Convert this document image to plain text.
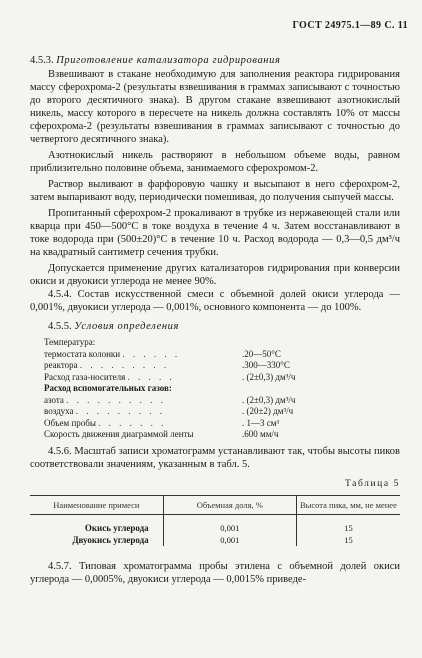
ГОСТ 24975.1—89 С. 11

4.5.3. Приготовление катализатора гидрирования

Взвешивают в стакане необходимую для заполнения реактора гидрирования массу сферохрома-2 (результаты взвешивания в граммах записывают с точностью до второго десятичного знака). В другом стакане взвешивают азотнокислый никель, массу которого в пересчете на никель должна составлять 10% от массы сферохрома-2 (результаты взвешивания в граммах записывают с точностью до четвертого десятичного знака).

Азотнокислый никель растворяют в небольшом объеме воды, равном приблизительно половине объема, занимаемого сферохромом-2.

Раствор выливают в фарфоровую чашку и высыпают в него сферохром-2, затем выпаривают воду, периодически помешивая, до получения сыпучей массы.

Пропитанный сферохром-2 прокаливают в трубке из нержавеющей стали или кварца при 450—500°С в токе воздуха в течение 4 ч. Затем восстанавливают в токе водорода при (500±20)°С в течение 10 ч. Расход водорода — 0,3—0,5 дм³/ч на квадратный сантиметр сечения трубки.

Допускается применение других катализаторов гидрирования при конверсии окиси и двуокиси углерода не менее 90%.

4.5.4. Состав искусственной смеси с объемной долей окиси углерода — 0,001%, двуокиси углерода — 0,001%, основного компонента — до 100%.

4.5.5. Условия определения

Температура:
термостата колонки . . . . . .	.20—50°С
реактора . . . . . . . . .	.300—330°С
Расход газа-носителя . . . . .	. (2±0,3) дм³/ч
Расход вспомогательных газов:
азота . . . . . . . . . .	. (2±0,3) дм³/ч
воздуха . . . . . . . . .	. (20±2) дм³/ч
Объем пробы . . . . . . .	. 1—3 см³
Скорость движения диаграммой ленты	.600 мм/ч

4.5.6. Масштаб записи хроматограмм устанавливают так, чтобы высоты пиков соответствовали значениям, указанным в табл. 5.

Таблица 5
Наименование примеси	Объемная доля, %	Высота пика, мм, не менее
Окись углерода	0,001	15
Двуокись углерода	0,001	15

4.5.7. Типовая хроматограмма пробы этилена с объемной долей окиси углерода — 0,0005%, двуокиси углерода — 0,0015% приведе-
